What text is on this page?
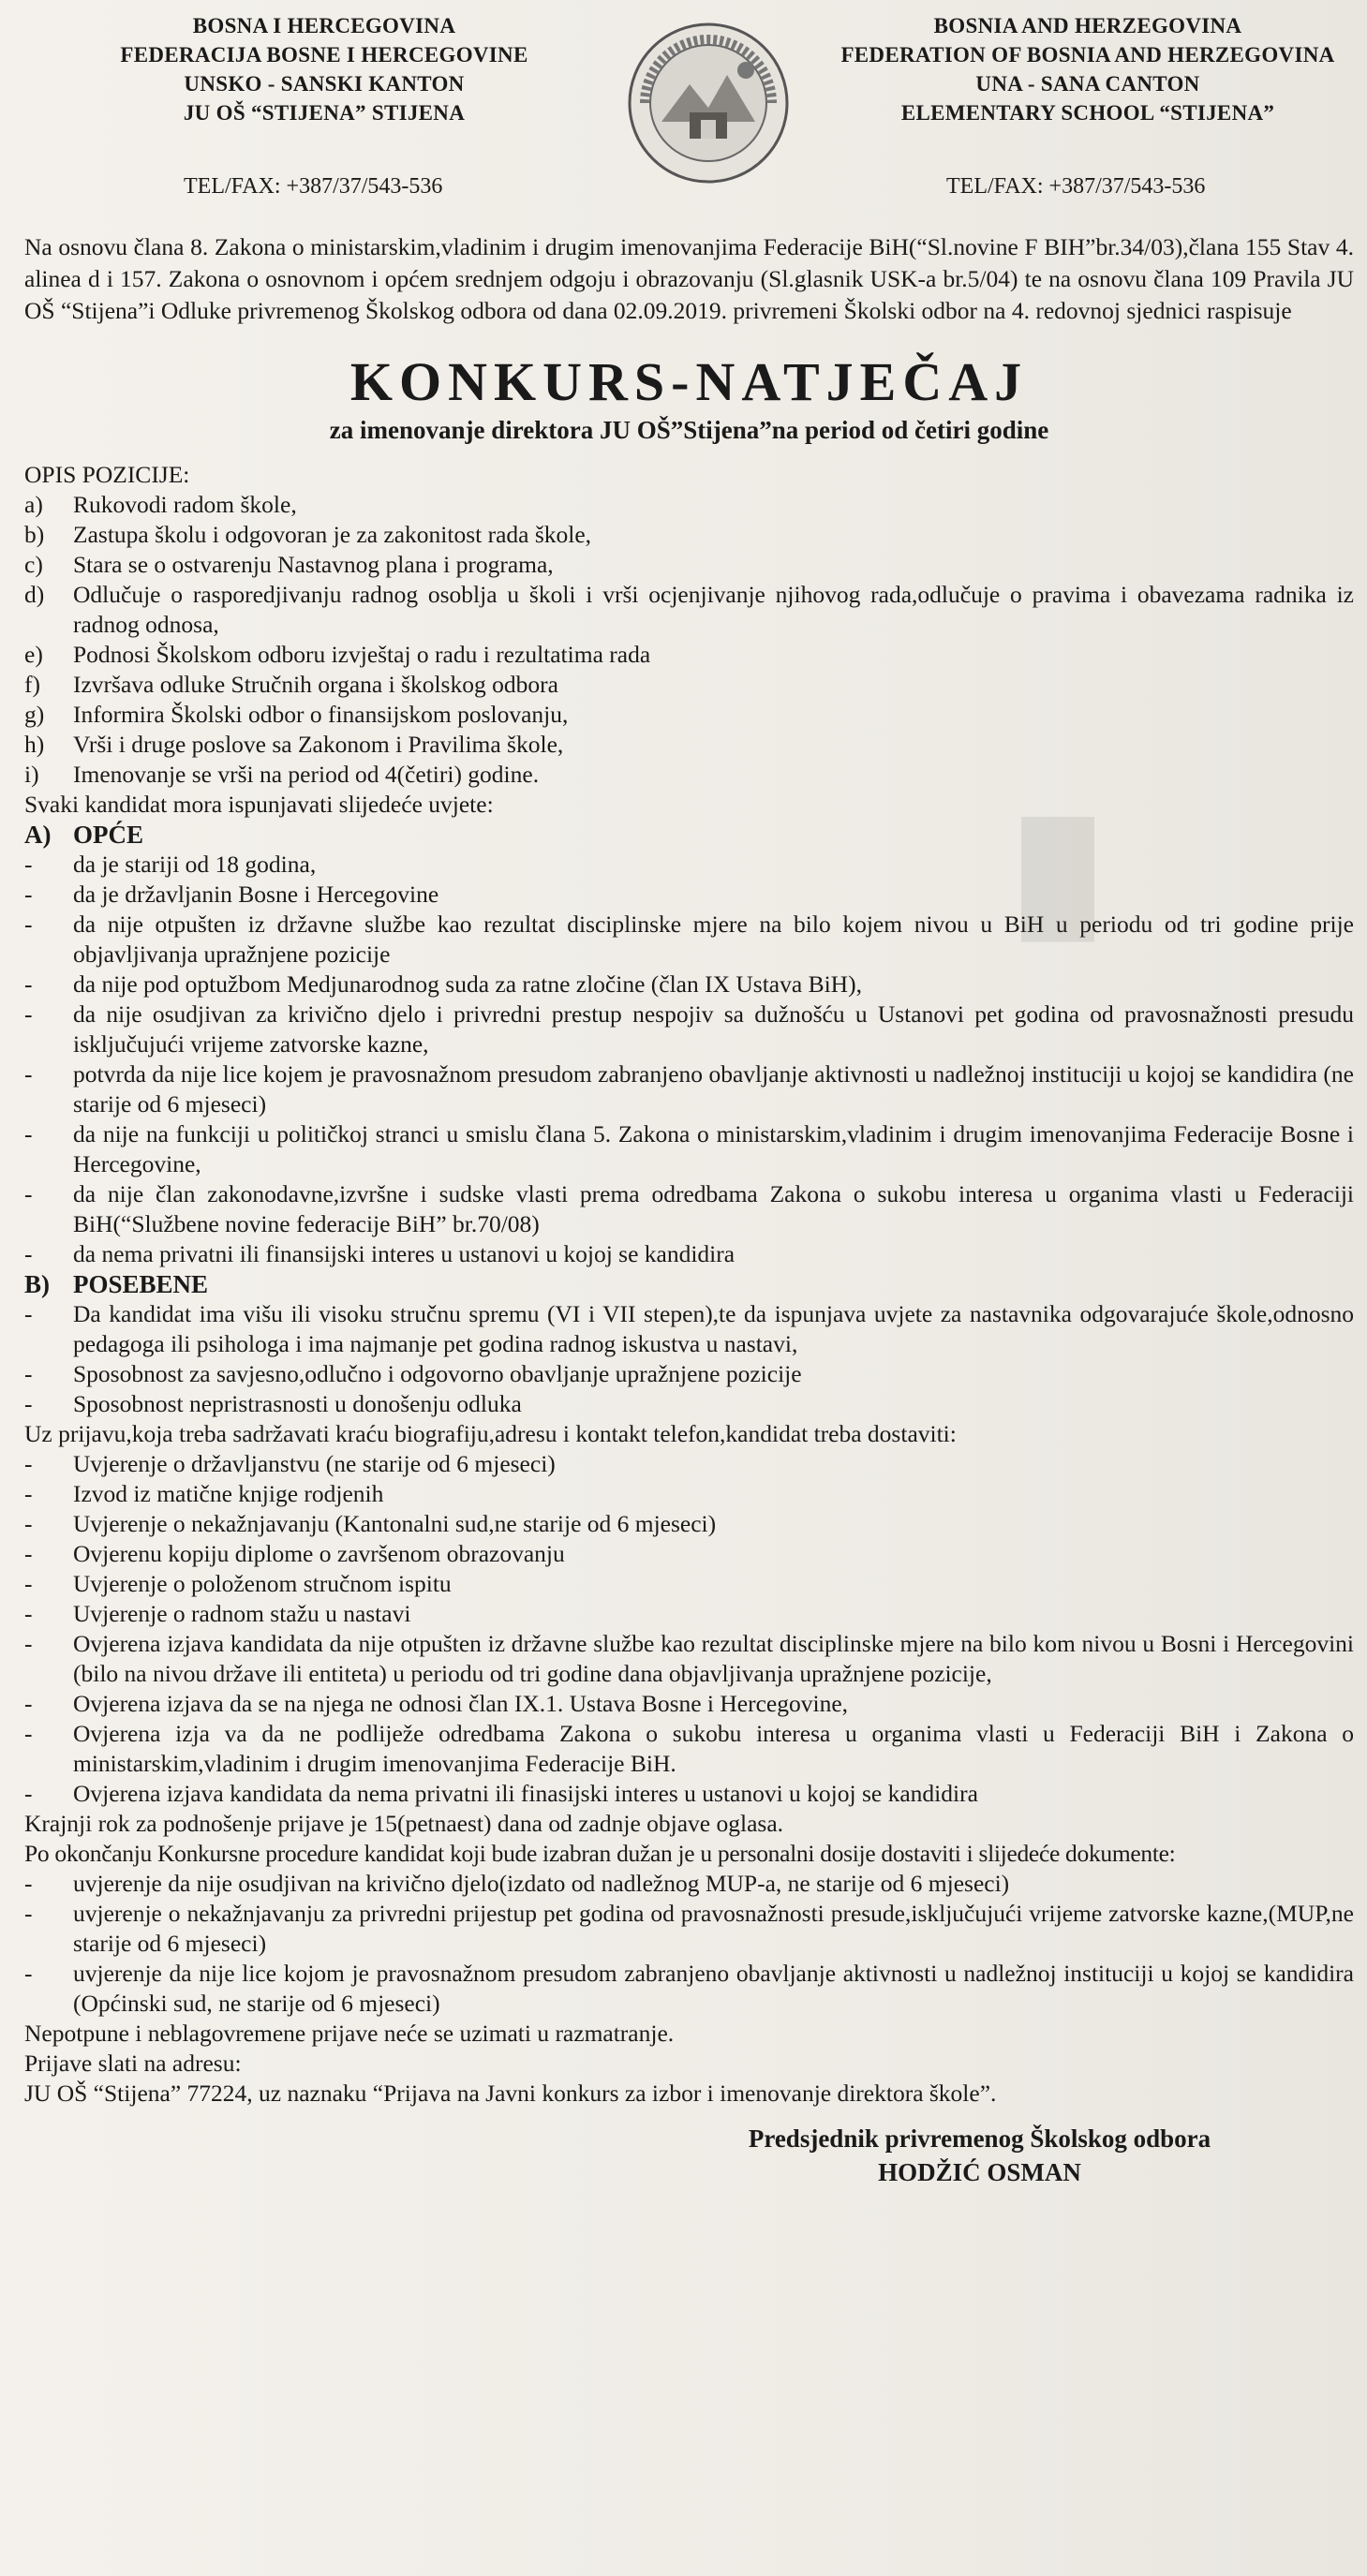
█
BOSNA I HERCEGOVINA
FEDERACIJA BOSNE I HERCEGOVINE
UNSKO - SANSKI KANTON
JU OŠ “STIJENA” STIJENA
BOSNIA AND HERZEGOVINA
FEDERATION OF BOSNIA AND HERZEGOVINA
UNA - SANA CANTON
ELEMENTARY SCHOOL “STIJENA”
TEL/FAX: +387/37/543-536	TEL/FAX: +387/37/543-536

Na osnovu člana 8. Zakona o ministarskim,vladinim i drugim imenovanjima Federacije BiH(“Sl.novine F BIH”br.34/03),člana 155 Stav 4. alinea d i 157. Zakona o osnovnom i općem srednjem odgoju i obrazovanju (Sl.glasnik USK-a br.5/04) te na osnovu člana 109 Pravila JU OŠ “Stijena”i Odluke privremenog Školskog odbora od dana 02.09.2019. privremeni Školski odbor na 4. redovnoj sjednici raspisuje

KONKURS-NATJEČAJ
za imenovanje direktora JU OŠ”Stijena”na period od četiri godine
OPIS POZICIJE:
a)	Rukovodi radom škole,
b)	Zastupa školu i odgovoran je za zakonitost rada škole,
c)	Stara se o ostvarenju Nastavnog plana i programa,
d)	Odlučuje o rasporedjivanju radnog osoblja u školi i vrši ocjenjivanje njihovog rada,odlučuje o pravima i obavezama radnika iz radnog odnosa,
e)	Podnosi Školskom odboru izvještaj o radu i rezultatima rada
f)	Izvršava odluke Stručnih organa i školskog odbora
g)	Informira Školski odbor o finansijskom poslovanju,
h)	Vrši i druge poslove sa Zakonom i Pravilima škole,
i)	Imenovanje se vrši na period od 4(četiri) godine.
Svaki kandidat mora ispunjavati slijedeće uvjete:
A) OPĆE
-	da je stariji od 18 godina,
-	da je državljanin Bosne i Hercegovine
-	da nije otpušten iz državne službe kao rezultat disciplinske mjere na bilo kojem nivou u BiH u periodu od tri godine prije objavljivanja upražnjene pozicije
-	da nije pod optužbom Medjunarodnog suda za ratne zločine (član IX Ustava BiH),
-	da nije osudjivan za krivično djelo i privredni prestup nespojiv sa dužnošću u Ustanovi pet godina od pravosnažnosti presudu isključujući vrijeme zatvorske kazne,
-	potvrda da nije lice kojem je pravosnažnom presudom zabranjeno obavljanje aktivnosti u nadležnoj instituciji u kojoj se kandidira (ne starije od 6 mjeseci)
-	da nije na funkciji u političkoj stranci u smislu člana 5. Zakona o ministarskim,vladinim i drugim imenovanjima Federacije Bosne i Hercegovine,
-	da nije član zakonodavne,izvršne i sudske vlasti prema odredbama Zakona o sukobu interesa u organima vlasti u Federaciji BiH(“Službene novine federacije BiH” br.70/08)
-	da nema privatni ili finansijski interes u ustanovi u kojoj se kandidira
B) POSEBENE
-	Da kandidat ima višu ili visoku stručnu spremu (VI i VII stepen),te da ispunjava uvjete za nastavnika odgovarajuće škole,odnosno pedagoga ili psihologa i ima najmanje pet godina radnog iskustva u nastavi,
-	Sposobnost za savjesno,odlučno i odgovorno obavljanje upražnjene pozicije
-	Sposobnost nepristrasnosti u donošenju odluka
Uz prijavu,koja treba sadržavati kraću biografiju,adresu i kontakt telefon,kandidat treba dostaviti:
-	Uvjerenje o državljanstvu (ne starije od 6 mjeseci)
-	Izvod iz matične knjige rodjenih
-	Uvjerenje o nekažnjavanju (Kantonalni sud,ne starije od 6 mjeseci)
-	Ovjerenu kopiju diplome o završenom obrazovanju
-	Uvjerenje o položenom stručnom ispitu
-	Uvjerenje o radnom stažu u nastavi
-	Ovjerena izjava kandidata da nije otpušten iz državne službe kao rezultat disciplinske mjere na bilo kom nivou u Bosni i Hercegovini (bilo na nivou države ili entiteta) u periodu od tri godine dana objavljivanja upražnjene pozicije,
-	Ovjerena izjava da se na njega ne odnosi član IX.1. Ustava Bosne i Hercegovine,
-	Ovjerena izja va da ne podliježe odredbama Zakona o sukobu interesa u organima vlasti u Federaciji BiH i Zakona o ministarskim,vladinim i drugim imenovanjima Federacije BiH.
-	Ovjerena izjava kandidata da nema privatni ili finasijski interes u ustanovi u kojoj se kandidira
Krajnji rok za podnošenje prijave je 15(petnaest) dana od zadnje objave oglasa.
Po okončanju Konkursne procedure kandidat koji bude izabran dužan je u personalni dosije dostaviti i slijedeće dokumente:
-	uvjerenje da nije osudjivan na krivično djelo(izdato od nadležnog MUP-a, ne starije od 6 mjeseci)
-	uvjerenje o nekažnjavanju za privredni prijestup pet godina od pravosnažnosti presude,isključujući vrijeme zatvorske kazne,(MUP,ne starije od 6 mjeseci)
-	uvjerenje da nije lice kojom je pravosnažnom presudom zabranjeno obavljanje aktivnosti u nadležnoj instituciji u kojoj se kandidira (Općinski sud, ne starije od 6 mjeseci)
Nepotpune i neblagovremene prijave neće se uzimati u razmatranje.
Prijave slati na adresu:
JU OŠ “Stijena” 77224, uz naznaku “Prijava na Javni konkurs za izbor i imenovanje direktora škole”.
Predsjednik privremenog Školskog odbora
HODŽIĆ OSMAN
